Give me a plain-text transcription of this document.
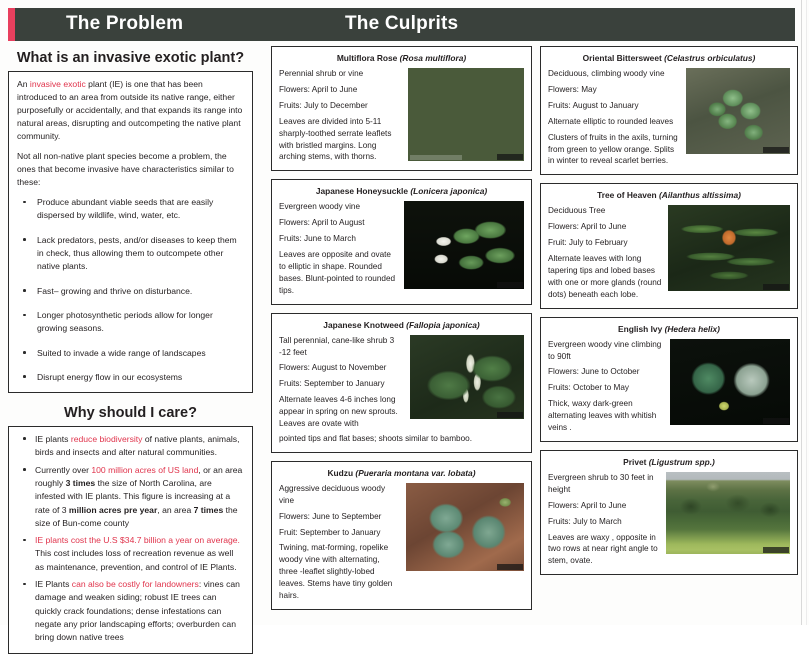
The Problem	The Culprits
What is an invasive exotic plant?

An invasive exotic plant (IE) is one that has been introduced to an area from outside its native range, either purposefully or accidentally, and that expands its range into natural areas, disrupting and outcompeting the native plant community.

Not all non-native plant species become a problem, the ones that become invasive have characteristics similar to these:

Produce abundant viable seeds that are easily dispersed by wildlife, wind, water, etc.
Lack predators, pests, and/or diseases to keep them in check, thus allowing them to outcompete other native plants.
Fast– growing and thrive on disturbance.
Longer photosynthetic periods allow for longer growing seasons.
Suited to invade a wide range of landscapes
Disrupt energy flow in our ecosystems
Why should I care?
IE plants reduce biodiversity of native plants, animals, birds and insects and alter natural communities.
Currently over 100 million acres of US land, or an area roughly 3 times the size of North Carolina, are infested with IE plants. This figure is increasing at a rate of 3 million acres pre year, an area 7 times the size of Bun-come county
IE plants cost the U.S $34.7 billion a year on average. This cost includes loss of recreation revenue as well as maintenance, prevention, and control of IE Plants.
IE Plants can also be costly for landowners: vines can damage and weaken siding; robust IE trees can quickly crack foundations; dense infestations can negate any prior landscaping efforts; overburden can bring down native trees
Multiflora Rose (Rosa multiflora)

Perennial shrub or vine

Flowers: April to June

Fruits: July to December

Leaves are divided into 5-11 sharply-toothed serrate leaflets with bristled margins. Long arching stems, with thorns.

Japanese Honeysuckle (Lonicera japonica)

Evergreen woody vine

Flowers: April to August

Fruits: June to March

Leaves are opposite and ovate to elliptic in shape. Rounded bases. Blunt-pointed to rounded tips.

Japanese Knotweed (Fallopia japonica)

Tall perennial, cane-like shrub 3 -12 feet

Flowers: August to November

Fruits: September to January

Alternate leaves 4-6 inches long appear in spring on new sprouts. Leaves are ovate with

pointed tips and flat bases; shoots similar to bamboo.

Kudzu (Pueraria montana var. lobata)

Aggressive deciduous woody vine

Flowers: June to September

Fruit: September to January

Twining, mat-forming, ropelike woody vine with alternating, three -leaflet slightly-lobed leaves. Stems have tiny golden hairs.

Oriental Bittersweet (Celastrus orbiculatus)

Deciduous, climbing woody vine

Flowers: May

Fruits: August to January

Alternate elliptic to rounded leaves

Clusters of fruits in the axils, turning from green to yellow orange. Splits in winter to reveal scarlet berries.

Tree of Heaven (Ailanthus altissima)

Deciduous Tree

Flowers: April to June

Fruit: July to February

Alternate leaves with long tapering tips and lobed bases with one or more glands (round dots) beneath each lobe.

English Ivy (Hedera helix)

Evergreen woody vine climbing to 90ft

Flowers: June to October

Fruits: October to May

Thick, waxy dark-green alternating leaves with whitish veins .

Privet (Ligustrum spp.)

Evergreen shrub to 30 feet in height

Flowers: April to June

Fruits: July to March

Leaves are waxy , opposite in two rows at near right angle to stem, ovate.
